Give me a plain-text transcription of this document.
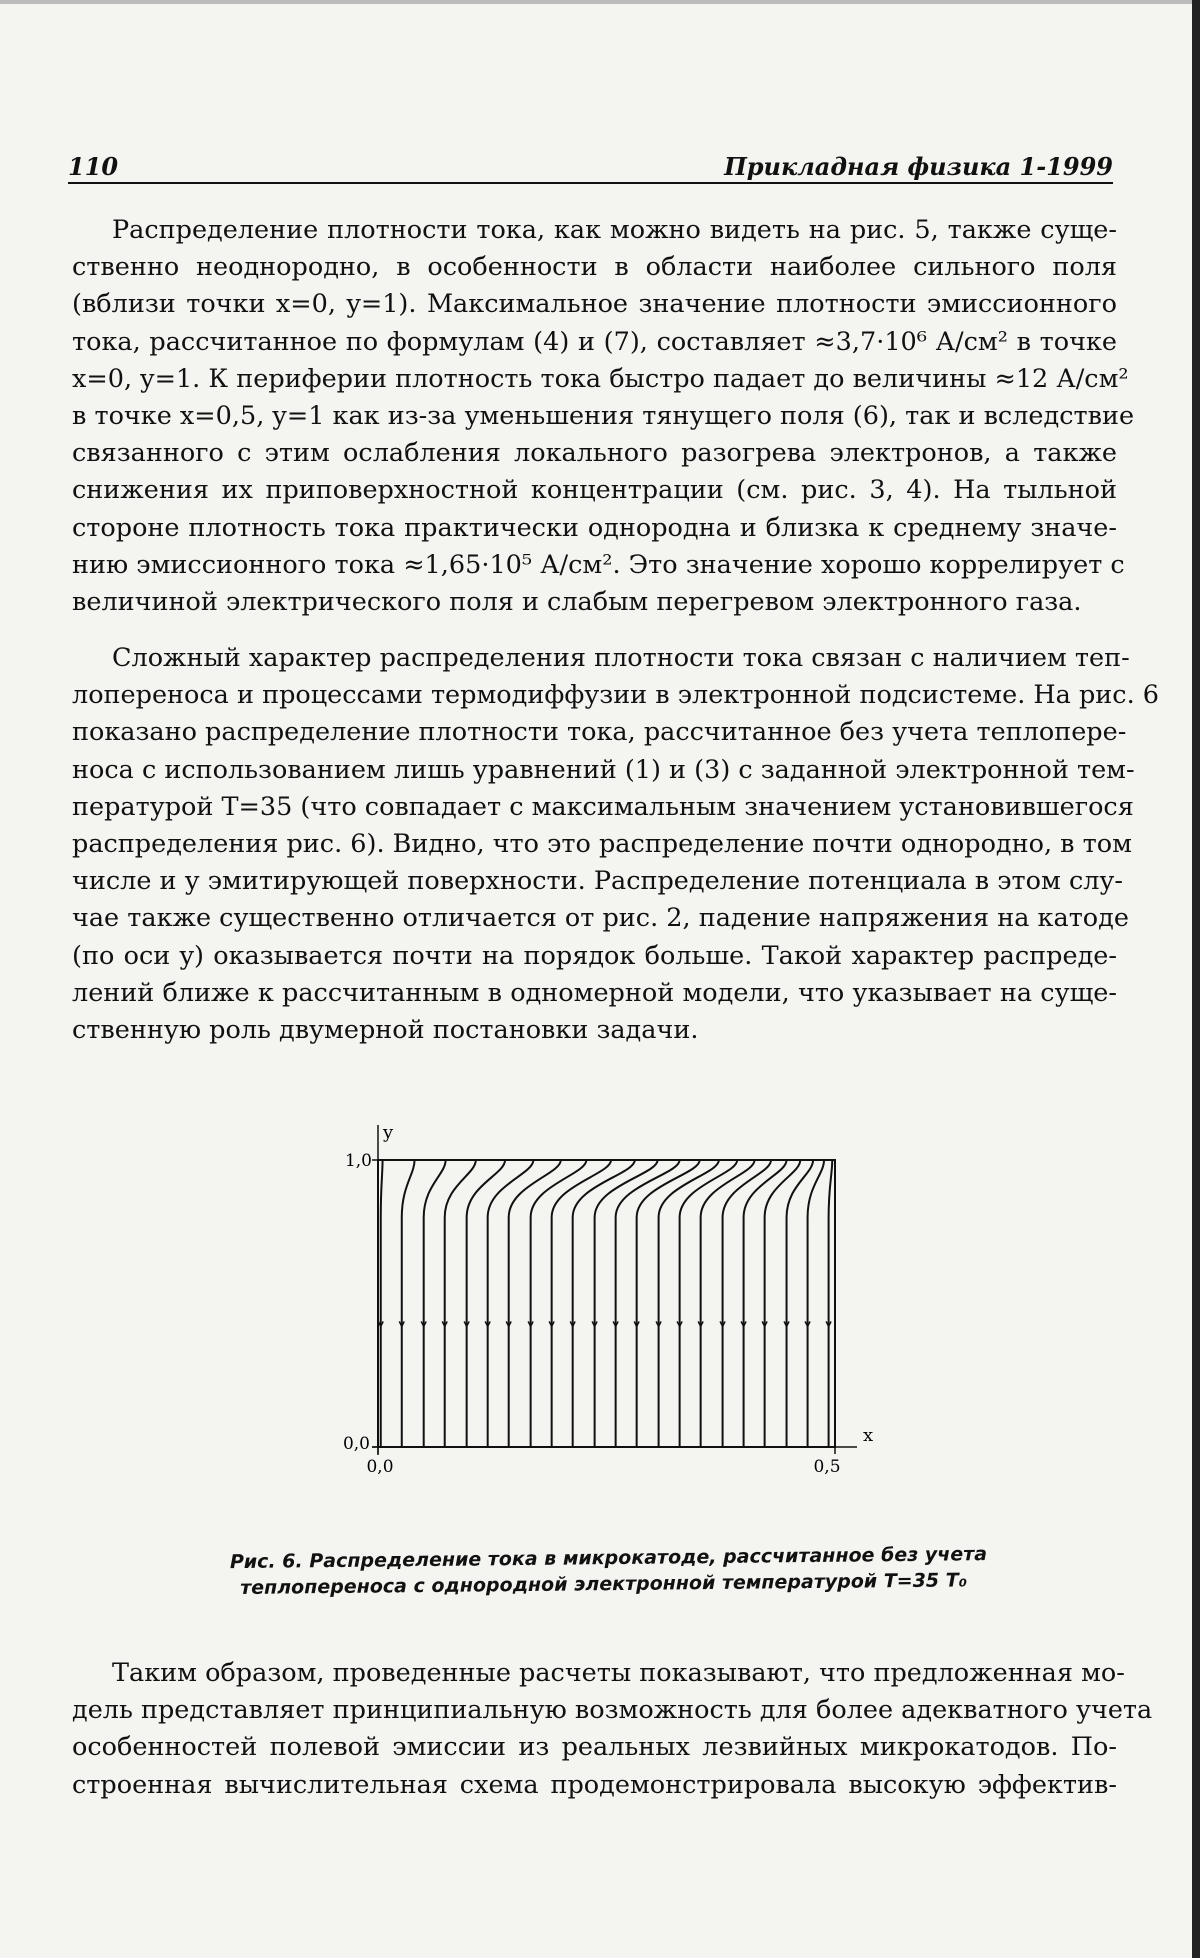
110	Прикладная физика 1-1999
Распределение плотности тока, как можно видеть на рис. 5, также суще-
ственно неоднородно, в особенности в области наиболее сильного поля
(вблизи точки x=0, y=1). Максимальное значение плотности эмиссионного
тока, рассчитанное по формулам (4) и (7), составляет ≈3,7·10⁶ А/см² в точке
x=0, y=1. К периферии плотность тока быстро падает до величины ≈12 А/см²
в точке x=0,5, y=1 как из-за уменьшения тянущего поля (6), так и вследствие
связанного с этим ослабления локального разогрева электронов, а также
снижения их приповерхностной концентрации (см. рис. 3, 4). На тыльной
стороне плотность тока практически однородна и близка к среднему значе-
нию эмиссионного тока ≈1,65·10⁵ А/см². Это значение хорошо коррелирует с
величиной электрического поля и слабым перегревом электронного газа.
Сложный характер распределения плотности тока связан с наличием теп-
лопереноса и процессами термодиффузии в электронной подсистеме. На рис. 6
показано распределение плотности тока, рассчитанное без учета теплопере-
носа с использованием лишь уравнений (1) и (3) с заданной электронной тем-
пературой T=35 (что совпадает с максимальным значением установившегося
распределения рис. 6). Видно, что это распределение почти однородно, в том
числе и у эмитирующей поверхности. Распределение потенциала в этом слу-
чае также существенно отличается от рис. 2, падение напряжения на катоде
(по оси y) оказывается почти на порядок больше. Такой характер распреде-
лений ближе к рассчитанным в одномерной модели, что указывает на суще-
ственную роль двумерной постановки задачи.
y
x
1,0
0,0
0,0	0,5
Рис. 6. Распределение тока в микрокатоде, рассчитанное без учета
теплопереноса с однородной электронной температурой T=35 T₀
Таким образом, проведенные расчеты показывают, что предложенная мо-
дель представляет принципиальную возможность для более адекватного учета
особенностей полевой эмиссии из реальных лезвийных микрокатодов. По-
строенная вычислительная схема продемонстрировала высокую эффектив-
